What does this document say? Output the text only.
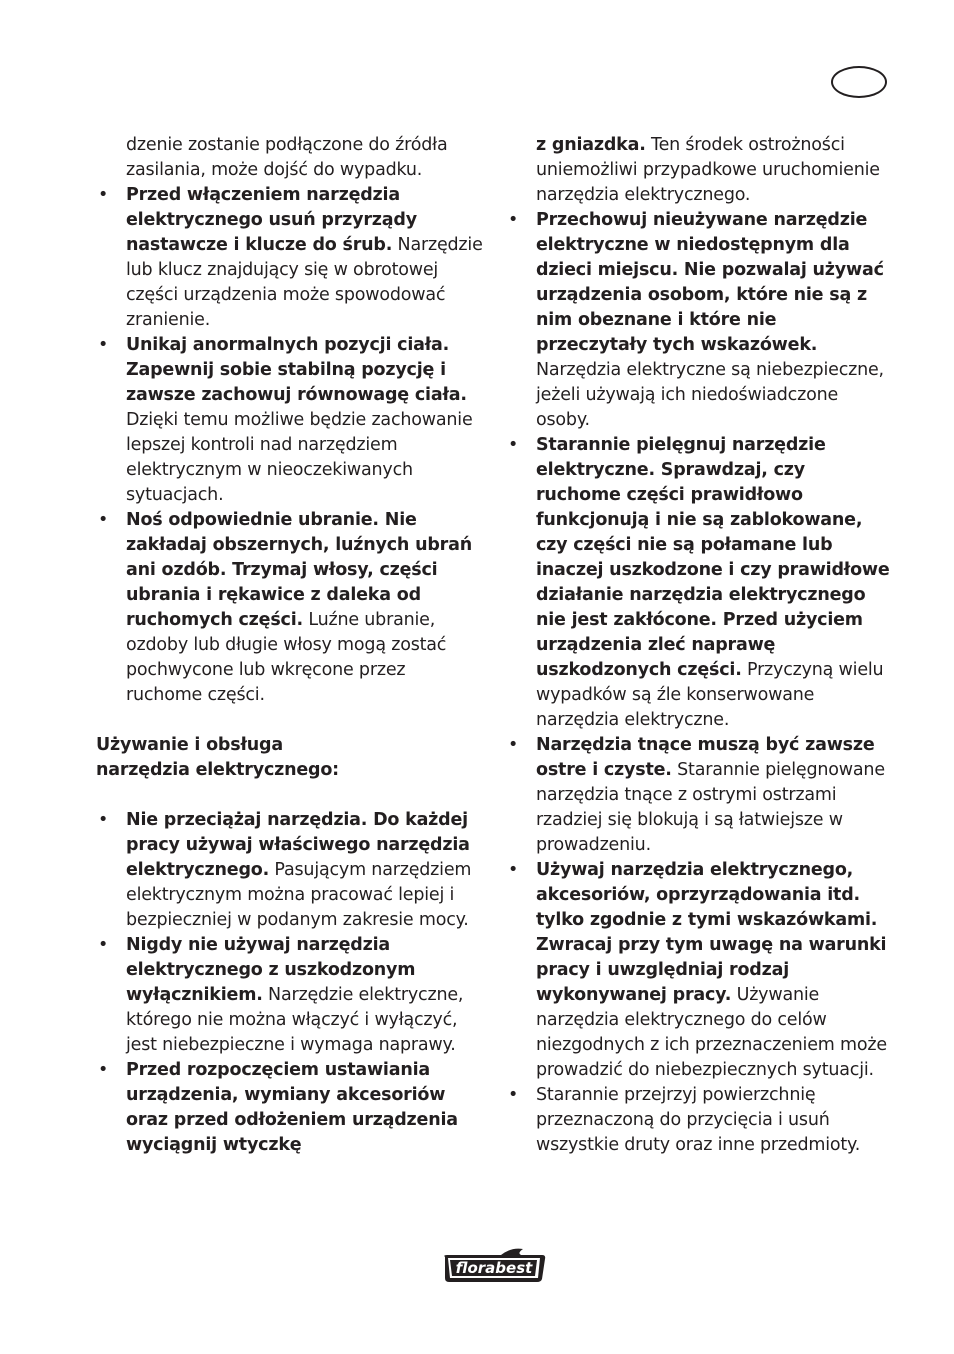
dzenie zostanie podłączone do źródła zasilania, może dojść do wypadku.

• Przed włączeniem narzędzia elektrycznego usuń przyrządy nastawcze i klucze do śrub. Narzędzie lub klucz znajdujący się w obrotowej części urządzenia może spowodować zranienie.
• Unikaj anormalnych pozycji ciała. Zapewnij sobie stabilną pozycję i zawsze zachowuj równowagę ciała. Dzięki temu możliwe będzie zachowanie lepszej kontroli nad narzędziem elektrycznym w nieoczekiwanych sytuacjach.
• Noś odpowiednie ubranie. Nie zakładaj obszernych, luźnych ubrań ani ozdób. Trzymaj włosy, części ubrania i rękawice z daleka od ruchomych części. Luźne ubranie, ozdoby lub długie włosy mogą zostać pochwycone lub wkręcone przez ruchome części.

Używanie i obsługa narzędzia elektrycznego:

• Nie przeciążaj narzędzia. Do każdej pracy używaj właściwego narzędzia elektrycznego. Pasującym narzędziem elektrycznym można pracować lepiej i bezpieczniej w podanym zakresie mocy.
• Nigdy nie używaj narzędzia elektrycznego z uszkodzonym wyłącznikiem. Narzędzie elektryczne, którego nie można włączyć i wyłączyć, jest niebezpieczne i wymaga naprawy.
• Przed rozpoczęciem ustawiania urządzenia, wymiany akcesoriów oraz przed odłożeniem urządzenia wyciągnij wtyczkę

z gniazdka. Ten środek ostrożności uniemożliwi przypadkowe uruchomienie narzędzia elektrycznego.

• Przechowuj nieużywane narzędzie elektryczne w niedostępnym dla dzieci miejscu. Nie pozwalaj używać urządzenia osobom, które nie są z nim obeznane i które nie przeczytały tych wskazówek. Narzędzia elektryczne są niebezpieczne, jeżeli używają ich niedoświadczone osoby.
• Starannie pielęgnuj narzędzie elektryczne. Sprawdzaj, czy ruchome części prawidłowo funkcjonują i nie są zablokowane, czy części nie są połamane lub inaczej uszkodzone i czy prawidłowe działanie narzędzia elektrycznego nie jest zakłócone. Przed użyciem urządzenia zleć naprawę uszkodzonych części. Przyczyną wielu wypadków są źle konserwowane narzędzia elektryczne.
• Narzędzia tnące muszą być zawsze ostre i czyste. Starannie pielęgnowane narzędzia tnące z ostrymi ostrzami rzadziej się blokują i są łatwiejsze w prowadzeniu.
• Używaj narzędzia elektrycznego, akcesoriów, oprzyrządowania itd. tylko zgodnie z tymi wskazówkami. Zwracaj przy tym uwagę na warunki pracy i uwzględniaj rodzaj wykonywanej pracy. Używanie narzędzia elektrycznego do celów niezgodnych z ich przeznaczeniem może prowadzić do niebezpiecznych sytuacji.
• Starannie przejrzyj powierzchnię przeznaczoną do przycięcia i usuń wszystkie druty oraz inne przedmioty.
florabest
